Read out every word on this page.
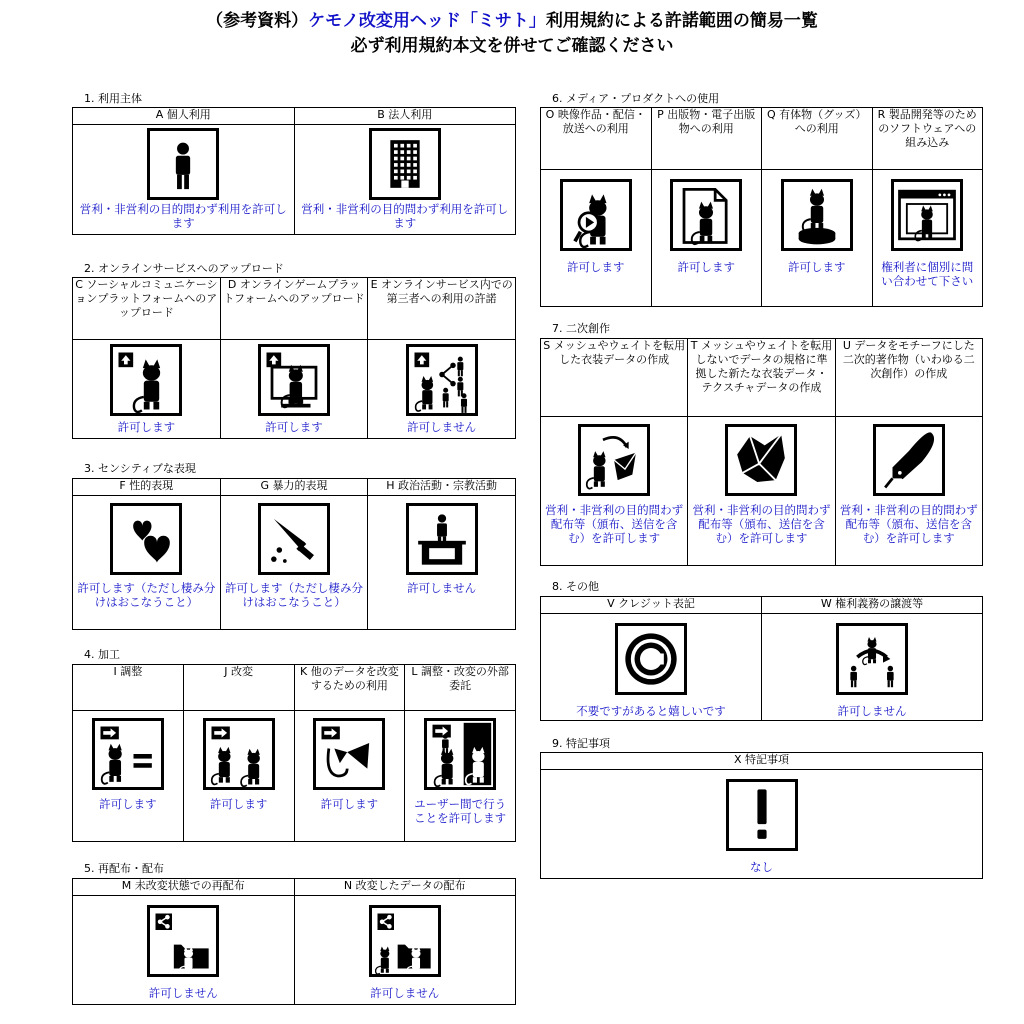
（参考資料）ケモノ改変用ヘッド「ミサト」利用規約による許諾範囲の簡易一覧
必ず利用規約本文を併せてご確認ください
1. 利用主体
A 個人利用
営利・非営利の目的問わず利用を許可します
B 法人利用
営利・非営利の目的問わず利用を許可します
2. オンラインサービスへのアップロード
C ソーシャルコミュニケーションプラットフォームへのアップロード
許可します
D オンラインゲームプラットフォームへのアップロード
許可します
E オンラインサービス内での第三者への利用の許諾
許可しません
3. センシティブな表現
F 性的表現
許可します（ただし棲み分けはおこなうこと）
G 暴力的表現
許可します（ただし棲み分けはおこなうこと）
H 政治活動・宗教活動
許可しません
4. 加工
I 調整
許可します
J 改変
許可します
K 他のデータを改変するための利用
許可します
L 調整・改変の外部委託
ユーザー間で行うことを許可します
5. 再配布・配布
M 未改変状態での再配布
許可しません
N 改変したデータの配布
許可しません
6. メディア・プロダクトへの使用
O 映像作品・配信・放送への利用
許可します
P 出版物・電子出版物への利用
許可します
Q 有体物（グッズ）への利用
許可します
R 製品開発等のためのソフトウェアへの組み込み
権利者に個別に問い合わせて下さい
7. 二次創作
S メッシュやウェイトを転用した衣装データの作成
営利・非営利の目的問わず配布等（頒布、送信を含む）を許可します
T メッシュやウェイトを転用しないでデータの規格に準拠した新たな衣装データ・テクスチャデータの作成
営利・非営利の目的問わず配布等（頒布、送信を含む）を許可します
U データをモチーフにした二次的著作物（いわゆる二次創作）の作成
営利・非営利の目的問わず配布等（頒布、送信を含む）を許可します
8. その他
V クレジット表記
不要ですがあると嬉しいです
W 権利義務の譲渡等
許可しません
9. 特記事項
X 特記事項
なし
